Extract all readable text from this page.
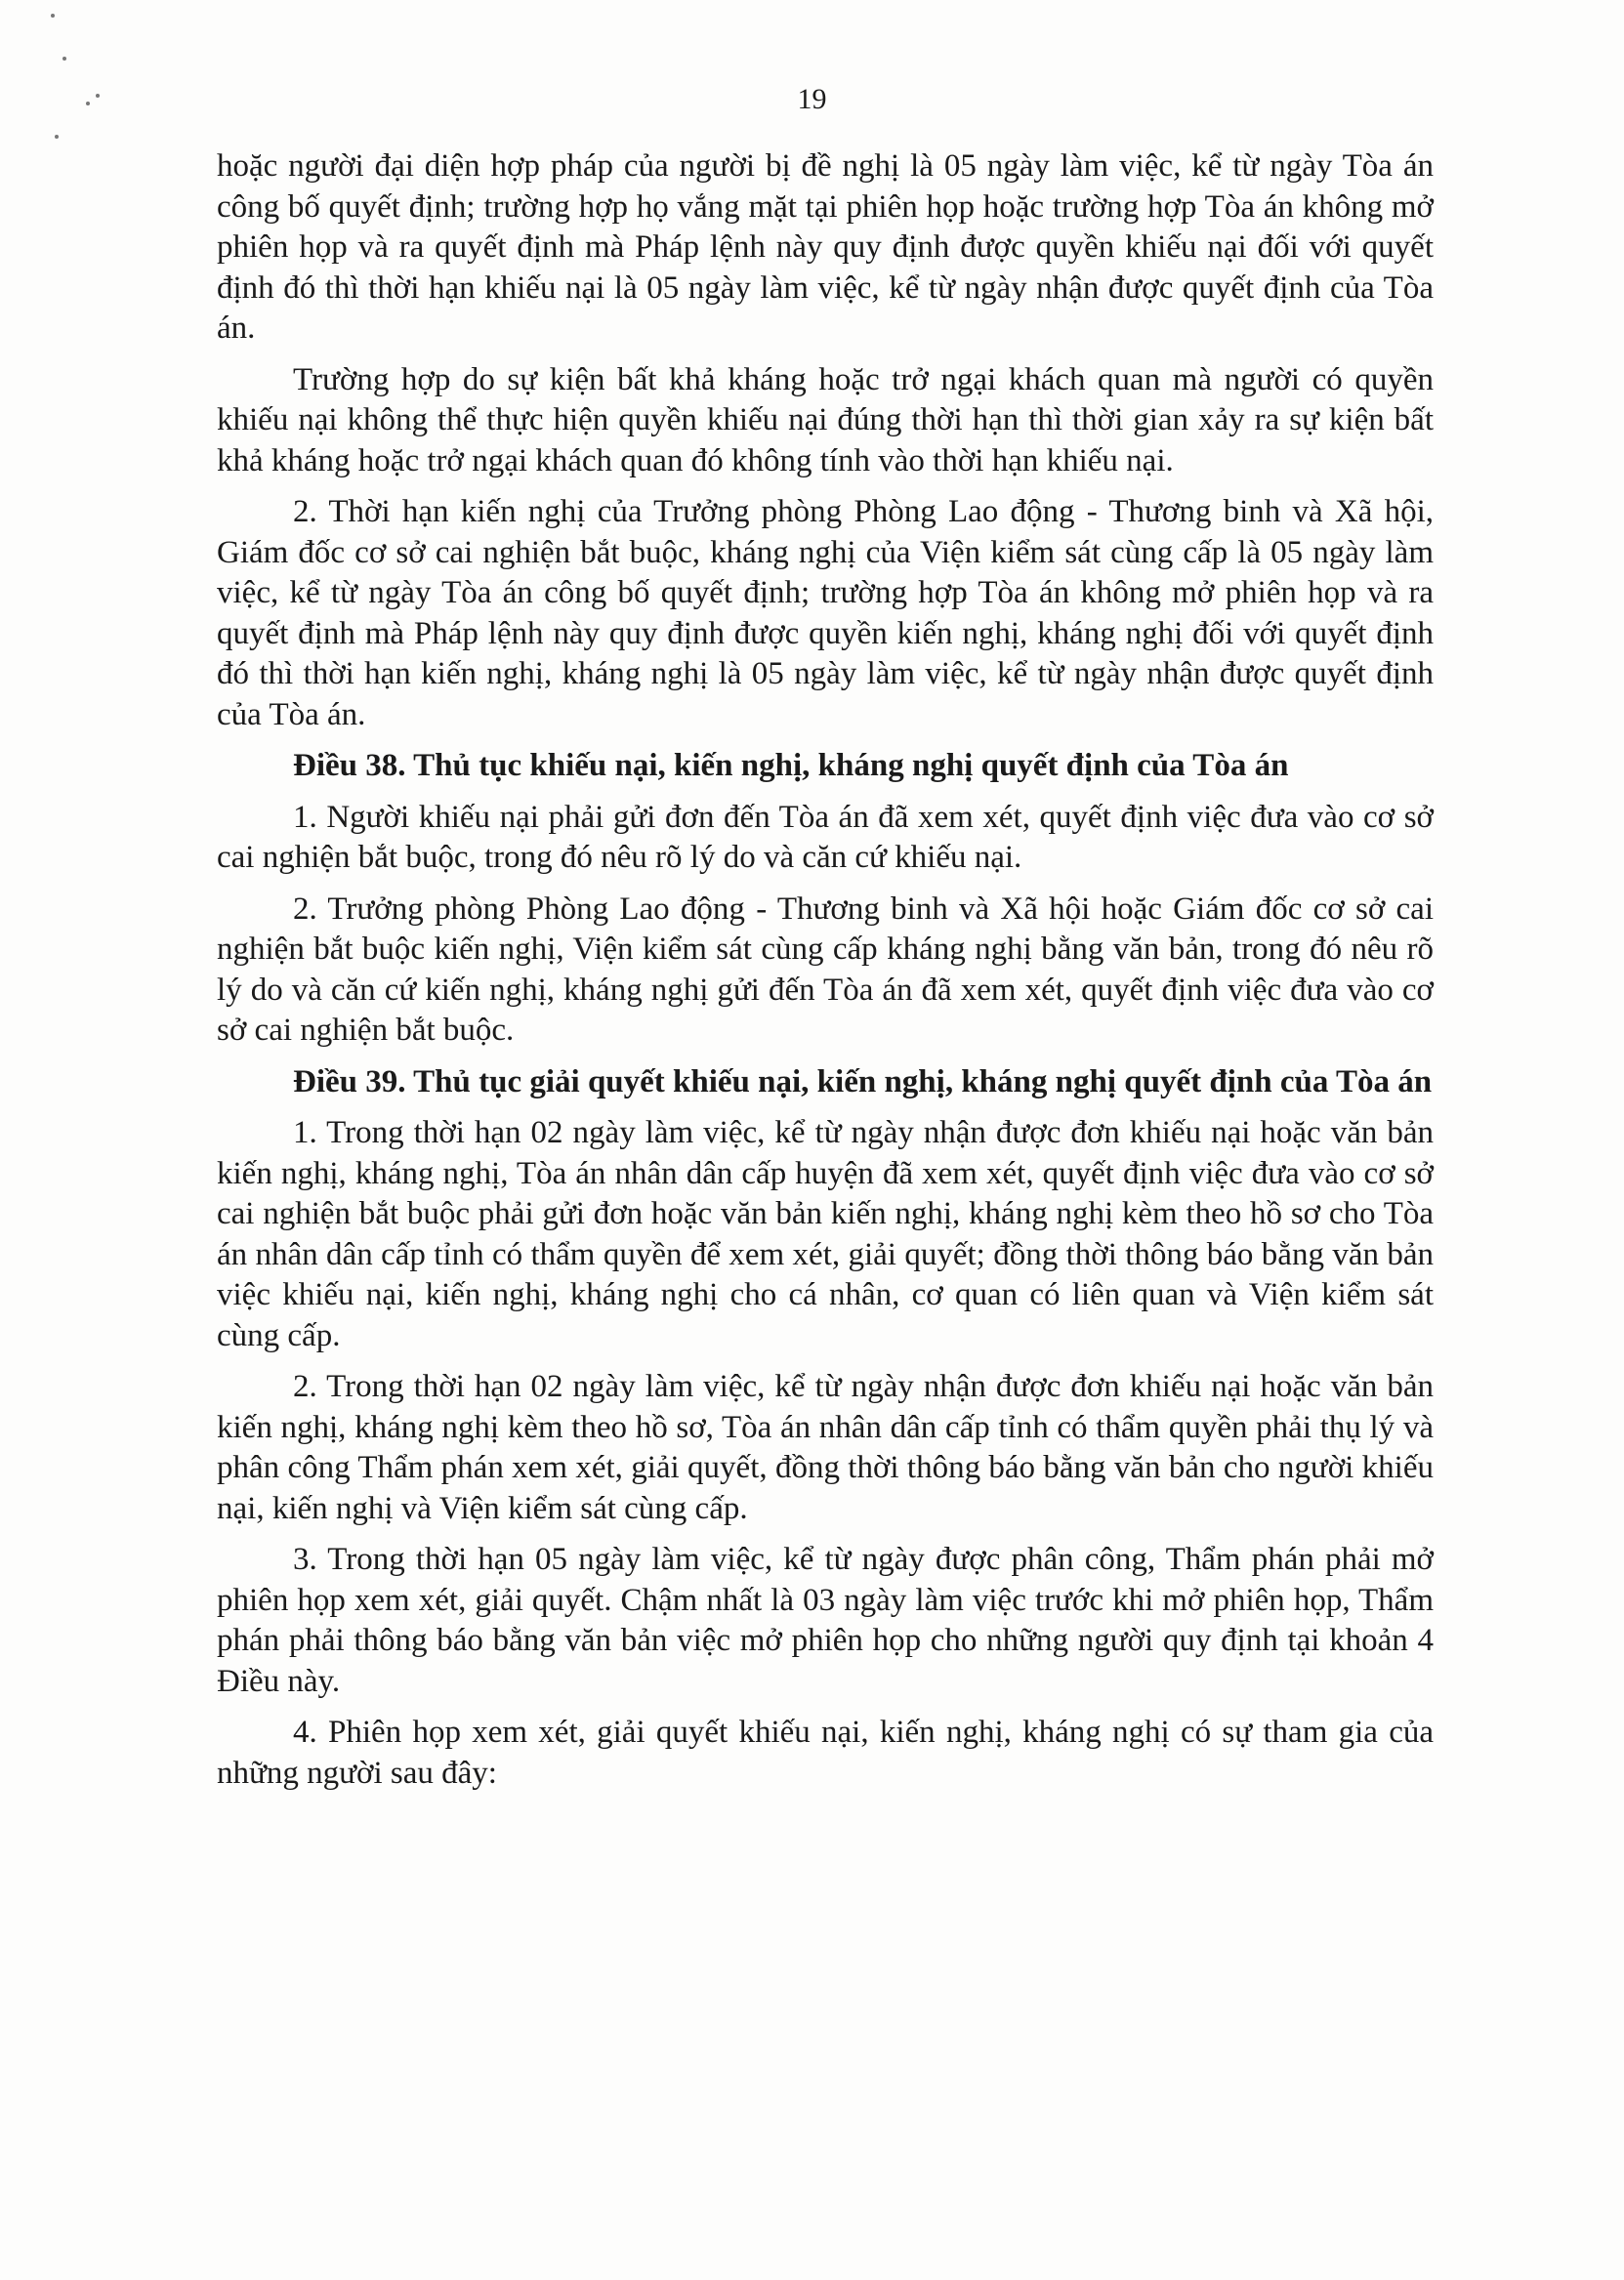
19

hoặc người đại diện hợp pháp của người bị đề nghị là 05 ngày làm việc, kể từ ngày Tòa án công bố quyết định; trường hợp họ vắng mặt tại phiên họp hoặc trường hợp Tòa án không mở phiên họp và ra quyết định mà Pháp lệnh này quy định được quyền khiếu nại đối với quyết định đó thì thời hạn khiếu nại là 05 ngày làm việc, kể từ ngày nhận được quyết định của Tòa án.

Trường hợp do sự kiện bất khả kháng hoặc trở ngại khách quan mà người có quyền khiếu nại không thể thực hiện quyền khiếu nại đúng thời hạn thì thời gian xảy ra sự kiện bất khả kháng hoặc trở ngại khách quan đó không tính vào thời hạn khiếu nại.

2. Thời hạn kiến nghị của Trưởng phòng Phòng Lao động - Thương binh và Xã hội, Giám đốc cơ sở cai nghiện bắt buộc, kháng nghị của Viện kiểm sát cùng cấp là 05 ngày làm việc, kể từ ngày Tòa án công bố quyết định; trường hợp Tòa án không mở phiên họp và ra quyết định mà Pháp lệnh này quy định được quyền kiến nghị, kháng nghị đối với quyết định đó thì thời hạn kiến nghị, kháng nghị là 05 ngày làm việc, kể từ ngày nhận được quyết định của Tòa án.

Điều 38. Thủ tục khiếu nại, kiến nghị, kháng nghị quyết định của Tòa án

1. Người khiếu nại phải gửi đơn đến Tòa án đã xem xét, quyết định việc đưa vào cơ sở cai nghiện bắt buộc, trong đó nêu rõ lý do và căn cứ khiếu nại.

2. Trưởng phòng Phòng Lao động - Thương binh và Xã hội hoặc Giám đốc cơ sở cai nghiện bắt buộc kiến nghị, Viện kiểm sát cùng cấp kháng nghị bằng văn bản, trong đó nêu rõ lý do và căn cứ kiến nghị, kháng nghị gửi đến Tòa án đã xem xét, quyết định việc đưa vào cơ sở cai nghiện bắt buộc.

Điều 39. Thủ tục giải quyết khiếu nại, kiến nghị, kháng nghị quyết định của Tòa án

1. Trong thời hạn 02 ngày làm việc, kể từ ngày nhận được đơn khiếu nại hoặc văn bản kiến nghị, kháng nghị, Tòa án nhân dân cấp huyện đã xem xét, quyết định việc đưa vào cơ sở cai nghiện bắt buộc phải gửi đơn hoặc văn bản kiến nghị, kháng nghị kèm theo hồ sơ cho Tòa án nhân dân cấp tỉnh có thẩm quyền để xem xét, giải quyết; đồng thời thông báo bằng văn bản việc khiếu nại, kiến nghị, kháng nghị cho cá nhân, cơ quan có liên quan và Viện kiểm sát cùng cấp.

2. Trong thời hạn 02 ngày làm việc, kể từ ngày nhận được đơn khiếu nại hoặc văn bản kiến nghị, kháng nghị kèm theo hồ sơ, Tòa án nhân dân cấp tỉnh có thẩm quyền phải thụ lý và phân công Thẩm phán xem xét, giải quyết, đồng thời thông báo bằng văn bản cho người khiếu nại, kiến nghị và Viện kiểm sát cùng cấp.

3. Trong thời hạn 05 ngày làm việc, kể từ ngày được phân công, Thẩm phán phải mở phiên họp xem xét, giải quyết. Chậm nhất là 03 ngày làm việc trước khi mở phiên họp, Thẩm phán phải thông báo bằng văn bản việc mở phiên họp cho những người quy định tại khoản 4 Điều này.

4. Phiên họp xem xét, giải quyết khiếu nại, kiến nghị, kháng nghị có sự tham gia của những người sau đây:
